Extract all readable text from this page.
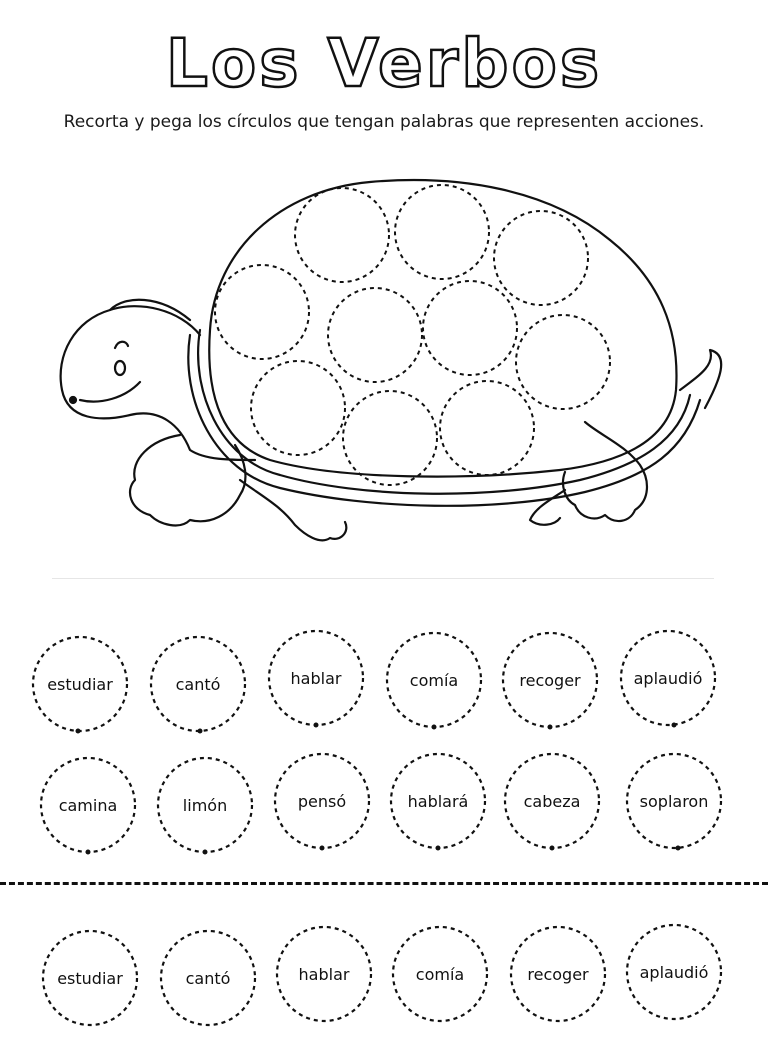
Los Verbos
Recorta y pega los círculos que tengan palabras que representen acciones.
estudiar	cantó	hablar	comía	recoger	aplaudió
camina	limón	pensó	hablará	cabeza	soplaron
estudiar	cantó	hablar	comía	recoger	aplaudió
